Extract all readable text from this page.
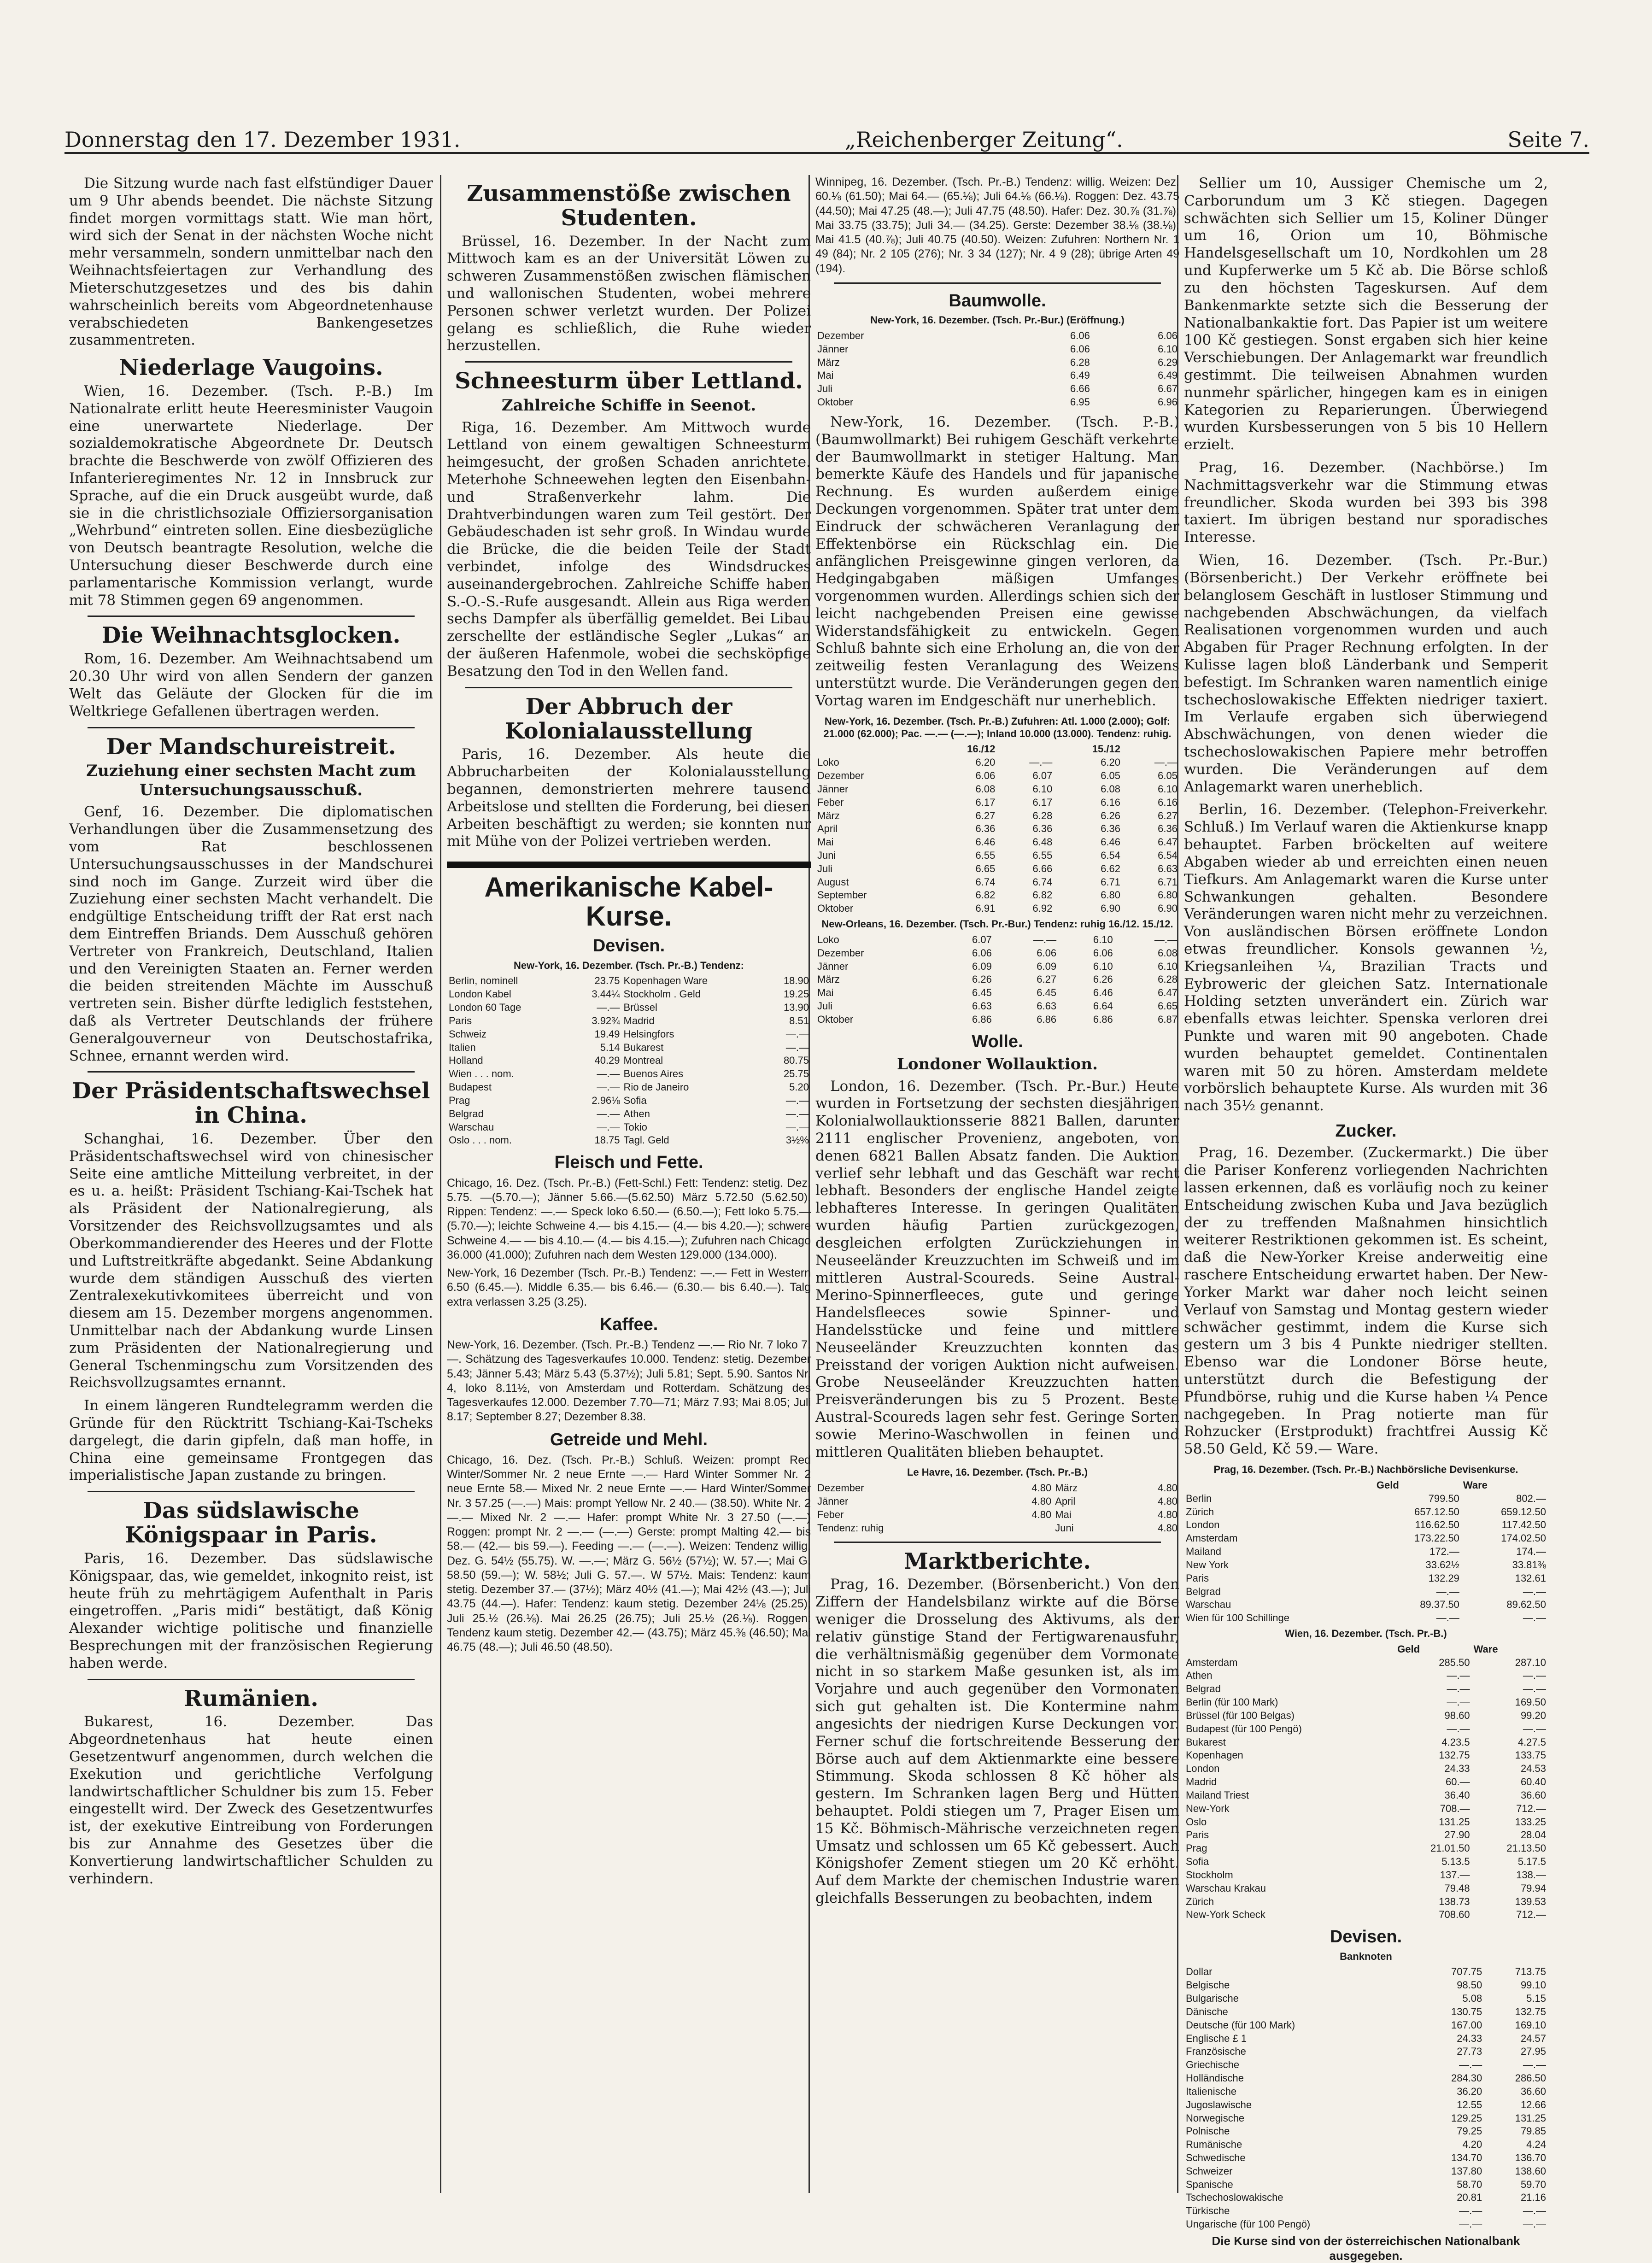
Donnerstag den 17. Dezember 1931.	„Reichenberger Zeitung“.	Seite 7.

Die Sitzung wurde nach fast elfstündiger Dauer um 9 Uhr abends beendet. Die nächste Sitzung findet morgen vormittags statt. Wie man hört, wird sich der Senat in der nächsten Woche nicht mehr versammeln, sondern unmittelbar nach den Weihnachtsfeiertagen zur Verhandlung des Mieterschutzgesetzes und des bis dahin wahrscheinlich bereits vom Abgeordnetenhause verabschiedeten Bankengesetzes zusammentreten.

Niederlage Vaugoins.

Wien, 16. Dezember. (Tsch. P.-B.) Im Nationalrate erlitt heute Heeresminister Vaugoin eine unerwartete Niederlage. Der sozialdemokratische Abgeordnete Dr. Deutsch brachte die Beschwerde von zwölf Offizieren des Infanterieregimentes Nr. 12 in Innsbruck zur Sprache, auf die ein Druck ausgeübt wurde, daß sie in die christlichsoziale Offiziersorganisation „Wehrbund“ eintreten sollen. Eine diesbezügliche von Deutsch beantragte Resolution, welche die Untersuchung dieser Beschwerde durch eine parlamentarische Kommission verlangt, wurde mit 78 Stimmen gegen 69 angenommen.

Die Weihnachtsglocken.

Rom, 16. Dezember. Am Weihnachtsabend um 20.30 Uhr wird von allen Sendern der ganzen Welt das Geläute der Glocken für die im Weltkriege Gefallenen übertragen werden.

Der Mandschureistreit.
Zuziehung einer sechsten Macht zum Untersuchungsausschuß.

Genf, 16. Dezember. Die diplomatischen Verhandlungen über die Zusammensetzung des vom Rat beschlossenen Untersuchungsausschusses in der Mandschurei sind noch im Gange. Zurzeit wird über die Zuziehung einer sechsten Macht verhandelt. Die endgültige Entscheidung trifft der Rat erst nach dem Eintreffen Briands. Dem Ausschuß gehören Vertreter von Frankreich, Deutschland, Italien und den Vereinigten Staaten an. Ferner werden die beiden streitenden Mächte im Ausschuß vertreten sein. Bisher dürfte lediglich feststehen, daß als Vertreter Deutschlands der frühere Generalgouverneur von Deutschostafrika, Schnee, ernannt werden wird.

Der Präsidentschaftswechsel in China.

Schanghai, 16. Dezember. Über den Präsidentschaftswechsel wird von chinesischer Seite eine amtliche Mitteilung verbreitet, in der es u. a. heißt: Präsident Tschiang-Kai-Tschek hat als Präsident der Nationalregierung, als Vorsitzender des Reichsvollzugsamtes und als Oberkommandierender des Heeres und der Flotte und Luftstreitkräfte abgedankt. Seine Abdankung wurde dem ständigen Ausschuß des vierten Zentralexekutivkomitees überreicht und von diesem am 15. Dezember morgens angenommen. Unmittelbar nach der Abdankung wurde Linsen zum Präsidenten der Nationalregierung und General Tschenmingschu zum Vorsitzenden des Reichsvollzugsamtes ernannt.

In einem längeren Rundtelegramm werden die Gründe für den Rücktritt Tschiang-Kai-Tscheks dargelegt, die darin gipfeln, daß man hoffe, in China eine gemeinsame Frontgegen das imperialistische Japan zustande zu bringen.

Das südslawische Königspaar in Paris.

Paris, 16. Dezember. Das südslawische Königspaar, das, wie gemeldet, inkognito reist, ist heute früh zu mehrtägigem Aufenthalt in Paris eingetroffen. „Paris midi“ bestätigt, daß König Alexander wichtige politische und finanzielle Besprechungen mit der französischen Regierung haben werde.

Rumänien.

Bukarest, 16. Dezember. Das Abgeordnetenhaus hat heute einen Gesetzentwurf angenommen, durch welchen die Exekution und gerichtliche Verfolgung landwirtschaftlicher Schuldner bis zum 15. Feber eingestellt wird. Der Zweck des Gesetzentwurfes ist, der exekutive Eintreibung von Forderungen bis zur Annahme des Gesetzes über die Konvertierung landwirtschaftlicher Schulden zu verhindern.

Zusammenstöße zwischen Studenten.

Brüssel, 16. Dezember. In der Nacht zum Mittwoch kam es an der Universität Löwen zu schweren Zusammenstößen zwischen flämischen und wallonischen Studenten, wobei mehrere Personen schwer verletzt wurden. Der Polizei gelang es schließlich, die Ruhe wieder herzustellen.

Schneesturm über Lettland.
Zahlreiche Schiffe in Seenot.

Riga, 16. Dezember. Am Mittwoch wurde Lettland von einem gewaltigen Schneesturm heimgesucht, der großen Schaden anrichtete. Meterhohe Schneewehen legten den Eisenbahn- und Straßenverkehr lahm. Die Drahtverbindungen waren zum Teil gestört. Der Gebäudeschaden ist sehr groß. In Windau wurde die Brücke, die die beiden Teile der Stadt verbindet, infolge des Windsdruckes auseinandergebrochen. Zahlreiche Schiffe haben S.-O.-S.-Rufe ausgesandt. Allein aus Riga werden sechs Dampfer als überfällig gemeldet. Bei Libau zerschellte der estländische Segler „Lukas“ an der äußeren Hafenmole, wobei die sechsköpfige Besatzung den Tod in den Wellen fand.

Der Abbruch der Kolonialausstellung

Paris, 16. Dezember. Als heute die Abbrucharbeiten der Kolonialausstellung begannen, demonstrierten mehrere tausend Arbeitslose und stellten die Forderung, bei diesen Arbeiten beschäftigt zu werden; sie konnten nur mit Mühe von der Polizei vertrieben werden.

Amerikanische Kabel-Kurse.
Devisen.
New-York, 16. Dezember. (Tsch. Pr.-B.) Tendenz:
Berlin, nominell	23.75	Kopenhagen Ware	18.90
London Kabel	3.44¼	Stockholm . Geld	19.25
London 60 Tage	—.—	Brüssel	13.90
Paris	3.92¾	Madrid	8.51
Schweiz	19.49	Helsingfors	—.—
Italien	5.14	Bukarest	—.—
Holland	40.29	Montreal	80.75
Wien . . . nom.	—.—	Buenos Aires	25.75
Budapest	—.—	Rio de Janeiro	5.20
Prag	2.96⅛	Sofia	—.—
Belgrad	—.—	Athen	—.—
Warschau	—.—	Tokio	—.—
Oslo . . . nom.	18.75	Tagl. Geld	3½%
Fleisch und Fette.
Chicago, 16. Dez. (Tsch. Pr.-B.) (Fett-Schl.) Fett: Tendenz: stetig. Dez. 5.75. —(5.70.—); Jänner 5.66.—(5.62.50) März 5.72.50 (5.62.50). Rippen: Tendenz: —.— Speck loko 6.50.— (6.50.—); Fett loko 5.75.— (5.70.—); leichte Schweine 4.— bis 4.15.— (4.— bis 4.20.—); schwere Schweine 4.— — bis 4.10.— (4.— bis 4.15.—); Zufuhren nach Chicago 36.000 (41.000); Zufuhren nach dem Westen 129.000 (134.000).
New-York, 16 Dezember (Tsch. Pr.-B.) Tendenz: —.— Fett in Western 6.50 (6.45.—). Middle 6.35.— bis 6.46.— (6.30.— bis 6.40.—). Talg extra verlassen 3.25 (3.25).
Kaffee.
New-York, 16. Dezember. (Tsch. Pr.-B.) Tendenz —.— Rio Nr. 7 loko 7.—. Schätzung des Tagesverkaufes 10.000. Tendenz: stetig. Dezember 5.43; Jänner 5.43; März 5.43 (5.37½); Juli 5.81; Sept. 5.90. Santos Nr. 4, loko 8.11½, von Amsterdam und Rotterdam. Schätzung des Tagesverkaufes 12.000. Dezember 7.70—71; März 7.93; Mai 8.05; Juli 8.17; September 8.27; Dezember 8.38.
Getreide und Mehl.
Chicago, 16. Dez. (Tsch. Pr.-B.) Schluß. Weizen: prompt Red Winter/Sommer Nr. 2 neue Ernte —.— Hard Winter Sommer Nr. 2 neue Ernte 58.— Mixed Nr. 2 neue Ernte —.— Hard Winter/Sommer Nr. 3 57.25 (—.—) Mais: prompt Yellow Nr. 2 40.— (38.50). White Nr. 2 —.— Mixed Nr. 2 —.— Hafer: prompt White Nr. 3 27.50 (—.—) Roggen: prompt Nr. 2 —.— (—.—) Gerste: prompt Malting 42.— bis 58.— (42.— bis 59.—). Feeding —.— (—.—). Weizen: Tendenz willig. Dez. G. 54½ (55.75). W. —.—; März G. 56½ (57½); W. 57.—; Mai G. 58.50 (59.—); W. 58½; Juli G. 57.—. W 57½. Mais: Tendenz: kaum stetig. Dezember 37.— (37½); März 40½ (41.—); Mai 42½ (43.—); Juli 43.75 (44.—). Hafer: Tendenz: kaum stetig. Dezember 24⅛ (25.25); Juli 25.½ (26.⅛). Mai 26.25 (26.75); Juli 25.½ (26.⅛). Roggen: Tendenz kaum stetig. Dezember 42.— (43.75); März 45.⅜ (46.50); Mai 46.75 (48.—); Juli 46.50 (48.50).
Winnipeg, 16. Dezember. (Tsch. Pr.-B.) Tendenz: willig. Weizen: Dez. 60.⅛ (61.50); Mai 64.— (65.⅛); Juli 64.⅛ (66.⅛). Roggen: Dez. 43.75 (44.50); Mai 47.25 (48.—); Juli 47.75 (48.50). Hafer: Dez. 30.⅞ (31.⅞); Mai 33.75 (33.75); Juli 34.— (34.25). Gerste: Dezember 38.⅛ (38.⅛); Mai 41.5 (40.⅞); Juli 40.75 (40.50). Weizen: Zufuhren: Northern Nr. 1 49 (84); Nr. 2 105 (276); Nr. 3 34 (127); Nr. 4 9 (28); übrige Arten 49 (194).
Baumwolle.
New-York, 16. Dezember. (Tsch. Pr.-Bur.) (Eröffnung.)
Dezember	6.06	6.06
Jänner	6.06	6.10
März	6.28	6.29
Mai	6.49	6.49
Juli	6.66	6.67
Oktober	6.95	6.96

New-York, 16. Dezember. (Tsch. P.-B.) (Baumwollmarkt) Bei ruhigem Geschäft verkehrte der Baumwollmarkt in stetiger Haltung. Man bemerkte Käufe des Handels und für japanische Rechnung. Es wurden außerdem einige Deckungen vorgenommen. Später trat unter dem Eindruck der schwächeren Veranlagung der Effektenbörse ein Rückschlag ein. Die anfänglichen Preisgewinne gingen verloren, da Hedgingabgaben mäßigen Umfanges vorgenommen wurden. Allerdings schien sich der leicht nachgebenden Preisen eine gewisse Widerstandsfähigkeit zu entwickeln. Gegen Schluß bahnte sich eine Erholung an, die von der zeitweilig festen Veranlagung des Weizens unterstützt wurde. Die Veränderungen gegen den Vortag waren im Endgeschäft nur unerheblich.

New-York, 16. Dezember. (Tsch. Pr.-B.) Zufuhren: Atl. 1.000 (2.000); Golf: 21.000 (62.000); Pac. —.— (—.—); Inland 10.000 (13.000). Tendenz: ruhig.
	16./12		15./12	
Loko	6.20	—.—	6.20	—.—
Dezember	6.06	6.07	6.05	6.05
Jänner	6.08	6.10	6.08	6.10
Feber	6.17	6.17	6.16	6.16
März	6.27	6.28	6.26	6.27
April	6.36	6.36	6.36	6.36
Mai	6.46	6.48	6.46	6.47
Juni	6.55	6.55	6.54	6.54
Juli	6.65	6.66	6.62	6.63
August	6.74	6.74	6.71	6.71
September	6.82	6.82	6.80	6.80
Oktober	6.91	6.92	6.90	6.90
New-Orleans, 16. Dezember. (Tsch. Pr.-Bur.) Tendenz: ruhig 16./12. 15./12.
Loko	6.07	—.—	6.10	—.—
Dezember	6.06	6.06	6.06	6.08
Jänner	6.09	6.09	6.10	6.10
März	6.26	6.27	6.26	6.28
Mai	6.45	6.45	6.46	6.47
Juli	6.63	6.63	6.64	6.65
Oktober	6.86	6.86	6.86	6.87
Wolle.
Londoner Wollauktion.

London, 16. Dezember. (Tsch. Pr.-Bur.) Heute wurden in Fortsetzung der sechsten diesjährigen Kolonialwollauktionsserie 8821 Ballen, darunter 2111 englischer Provenienz, angeboten, von denen 6821 Ballen Absatz fanden. Die Auktion verlief sehr lebhaft und das Geschäft war recht lebhaft. Besonders der englische Handel zeigte lebhafteres Interesse. In geringen Qualitäten wurden häufig Partien zurückgezogen, desgleichen erfolgten Zurückziehungen in Neuseeländer Kreuzzuchten im Schweiß und im mittleren Austral-Scoureds. Seine Austral-Merino-Spinnerfleeces, gute und geringe Handelsfleeces sowie Spinner- und Handelsstücke und feine und mittlere Neuseeländer Kreuzzuchten konnten das Preisstand der vorigen Auktion nicht aufweisen. Grobe Neuseeländer Kreuzzuchten hatten Preisveränderungen bis zu 5 Prozent. Beste Austral-Scoureds lagen sehr fest. Geringe Sorten sowie Merino-Waschwollen in feinen und mittleren Qualitäten blieben behauptet.

Le Havre, 16. Dezember. (Tsch. Pr.-B.)
Dezember	4.80	März	4.80
Jänner	4.80	April	4.80
Feber	4.80	Mai	4.80
Tendenz: ruhig		Juni	4.80
Marktberichte.

Prag, 16. Dezember. (Börsenbericht.) Von den Ziffern der Handelsbilanz wirkte auf die Börse weniger die Drosselung des Aktivums, als der relativ günstige Stand der Fertigwarenausfuhr, die verhältnismäßig gegenüber dem Vormonate nicht in so starkem Maße gesunken ist, als im Vorjahre und auch gegenüber den Vormonaten sich gut gehalten ist. Die Kontermine nahm angesichts der niedrigen Kurse Deckungen vor. Ferner schuf die fortschreitende Besserung der Börse auch auf dem Aktienmarkte eine bessere Stimmung. Skoda schlossen 8 Kč höher als gestern. Im Schranken lagen Berg und Hütten behauptet. Poldi stiegen um 7, Prager Eisen um 15 Kč. Böhmisch-Mährische verzeichneten regen Umsatz und schlossen um 65 Kč gebessert. Auch Königshofer Zement stiegen um 20 Kč erhöht. Auf dem Markte der chemischen Industrie waren gleichfalls Besserungen zu beobachten, indem

Sellier um 10, Aussiger Chemische um 2, Carborundum um 3 Kč stiegen. Dagegen schwächten sich Sellier um 15, Koliner Dünger um 16, Orion um 10, Böhmische Handelsgesellschaft um 10, Nordkohlen um 28 und Kupferwerke um 5 Kč ab. Die Börse schloß zu den höchsten Tageskursen. Auf dem Bankenmarkte setzte sich die Besserung der Nationalbankaktie fort. Das Papier ist um weitere 100 Kč gestiegen. Sonst ergaben sich hier keine Verschiebungen. Der Anlagemarkt war freundlich gestimmt. Die teilweisen Abnahmen wurden nunmehr spärlicher, hingegen kam es in einigen Kategorien zu Reparierungen. Überwiegend wurden Kursbesserungen von 5 bis 10 Hellern erzielt.

Prag, 16. Dezember. (Nachbörse.) Im Nachmittagsverkehr war die Stimmung etwas freundlicher. Skoda wurden bei 393 bis 398 taxiert. Im übrigen bestand nur sporadisches Interesse.

Wien, 16. Dezember. (Tsch. Pr.-Bur.) (Börsenbericht.) Der Verkehr eröffnete bei belanglosem Geschäft in lustloser Stimmung und nachgebenden Abschwächungen, da vielfach Realisationen vorgenommen wurden und auch Abgaben für Prager Rechnung erfolgten. In der Kulisse lagen bloß Länderbank und Semperit befestigt. Im Schranken waren namentlich einige tschechoslowakische Effekten niedriger taxiert. Im Verlaufe ergaben sich überwiegend Abschwächungen, von denen wieder die tschechoslowakischen Papiere mehr betroffen wurden. Die Veränderungen auf dem Anlagemarkt waren unerheblich.

Berlin, 16. Dezember. (Telephon-Freiverkehr. Schluß.) Im Verlauf waren die Aktienkurse knapp behauptet. Farben bröckelten auf weitere Abgaben wieder ab und erreichten einen neuen Tiefkurs. Am Anlagemarkt waren die Kurse unter Schwankungen gehalten. Besondere Veränderungen waren nicht mehr zu verzeichnen. Von ausländischen Börsen eröffnete London etwas freundlicher. Konsols gewannen ½, Kriegsanleihen ¼, Brazilian Tracts und Eybroweric der gleichen Satz. Internationale Holding setzten unverändert ein. Zürich war ebenfalls etwas leichter. Spenska verloren drei Punkte und waren mit 90 angeboten. Chade wurden behauptet gemeldet. Continentalen waren mit 50 zu hören. Amsterdam meldete vorbörslich behauptete Kurse. Als wurden mit 36 nach 35½ genannt.

Zucker.

Prag, 16. Dezember. (Zuckermarkt.) Die über die Pariser Konferenz vorliegenden Nachrichten lassen erkennen, daß es vorläufig noch zu keiner Entscheidung zwischen Kuba und Java bezüglich der zu treffenden Maßnahmen hinsichtlich weiterer Restriktionen gekommen ist. Es scheint, daß die New-Yorker Kreise anderweitig eine raschere Entscheidung erwartet haben. Der New-Yorker Markt war daher noch leicht seinen Verlauf von Samstag und Montag gestern wieder schwächer gestimmt, indem die Kurse sich gestern um 3 bis 4 Punkte niedriger stellten. Ebenso war die Londoner Börse heute, unterstützt durch die Befestigung der Pfundbörse, ruhig und die Kurse haben ¼ Pence nachgegeben. In Prag notierte man für Rohzucker (Erstprodukt) frachtfrei Aussig Kč 58.50 Geld, Kč 59.— Ware.

Prag, 16. Dezember. (Tsch. Pr.-B.) Nachbörsliche Devisenkurse.
	Geld	Ware
Berlin	799.50	802.—
Zürich	657.12.50	659.12.50
London	116.62.50	117.42.50
Amsterdam	173.22.50	174.02.50
Mailand	172.—	174.—
New York	33.62½	33.81⅜
Paris	132.29	132.61
Belgrad	—.—	—.—
Warschau	89.37.50	89.62.50
Wien für 100 Schillinge	—.—	—.—
Wien, 16. Dezember. (Tsch. Pr.-B.)
	Geld	Ware
Amsterdam	285.50	287.10
Athen	—.—	—.—
Belgrad	—.—	—.—
Berlin (für 100 Mark)	—.—	169.50
Brüssel (für 100 Belgas)	98.60	99.20
Budapest (für 100 Pengö)	—.—	—.—
Bukarest	4.23.5	4.27.5
Kopenhagen	132.75	133.75
London	24.33	24.53
Madrid	60.—	60.40
Mailand Triest	36.40	36.60
New-York	708.—	712.—
Oslo	131.25	133.25
Paris	27.90	28.04
Prag	21.01.50	21.13.50
Sofia	5.13.5	5.17.5
Stockholm	137.—	138.—
Warschau Krakau	79.48	79.94
Zürich	138.73	139.53
New-York Scheck	708.60	712.—
Devisen.
Banknoten
Dollar	707.75	713.75
Belgische	98.50	99.10
Bulgarische	5.08	5.15
Dänische	130.75	132.75
Deutsche (für 100 Mark)	167.00	169.10
Englische £ 1	24.33	24.57
Französische	27.73	27.95
Griechische	—.—	—.—
Holländische	284.30	286.50
Italienische	36.20	36.60
Jugoslawische	12.55	12.66
Norwegische	129.25	131.25
Polnische	79.25	79.85
Rumänische	4.20	4.24
Schwedische	134.70	136.70
Schweizer	137.80	138.60
Spanische	58.70	59.70
Tschechoslowakische	20.81	21.16
Türkische	—.—	—.—
Ungarische (für 100 Pengö)	—.—	—.—
Die Kurse sind von der österreichischen Nationalbank ausgegeben.
